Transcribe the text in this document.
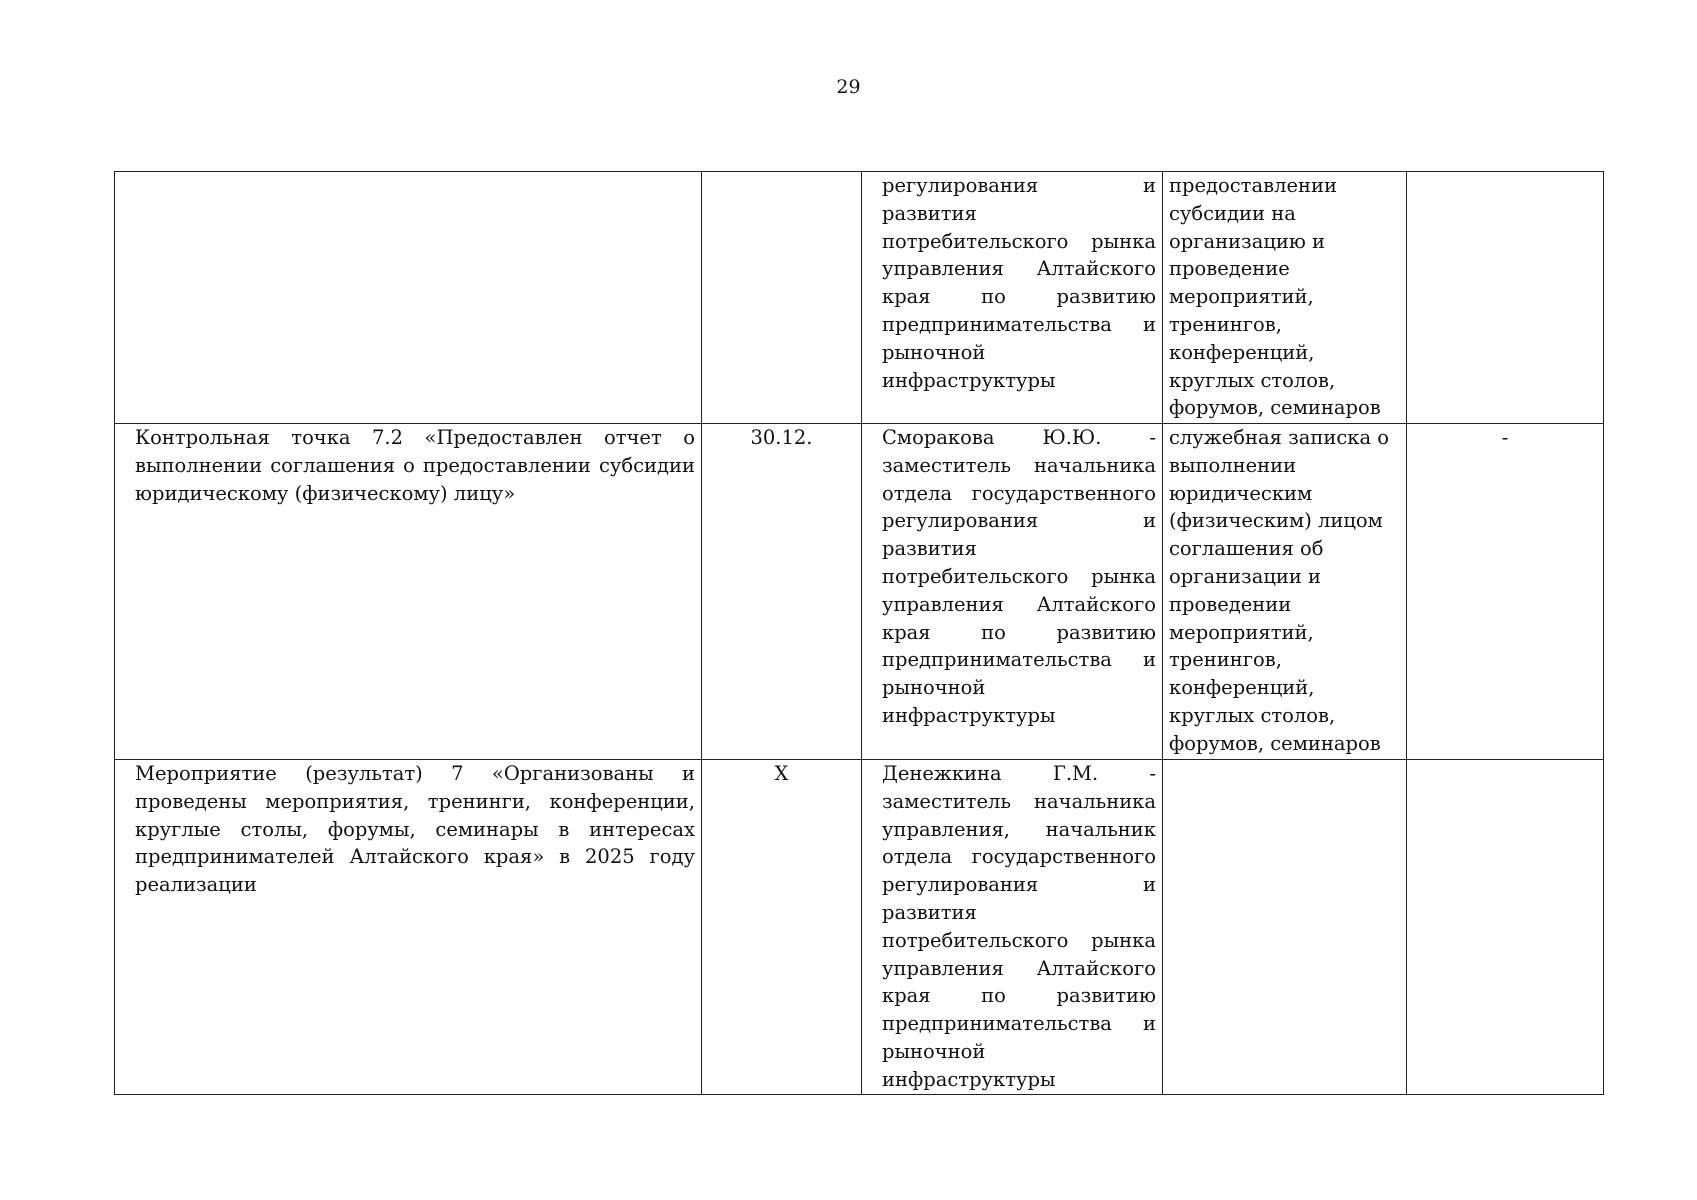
29

		регулирования и развития потребительского рынка управления Алтайского края по развитию предпринимательства и рыночной инфраструктуры	предоставлении субсидии на организацию и проведение мероприятий, тренингов, конференций, круглых столов, форумов, семинаров	

Контрольная точка 7.2 «Предоставлен отчет о выполнении соглашения о предоставлении субсидии юридическому (физическому) лицу»	30.12.	Сморакова Ю.Ю. - заместитель начальника отдела государственного регулирования и развития потребительского рынка управления Алтайского края по развитию предпринимательства и рыночной инфраструктуры	служебная записка о выполнении юридическим (физическим) лицом соглашения об организации и проведении мероприятий, тренингов, конференций, круглых столов, форумов, семинаров	-

Мероприятие (результат) 7 «Организованы и проведены мероприятия, тренинги, конференции, круглые столы, форумы, семинары в интересах предпринимателей Алтайского края» в 2025 году реализации	X	Денежкина Г.М. - заместитель начальника управления, начальник отдела государственного регулирования и развития потребительского рынка управления Алтайского края по развитию предпринимательства и рыночной инфраструктуры		
